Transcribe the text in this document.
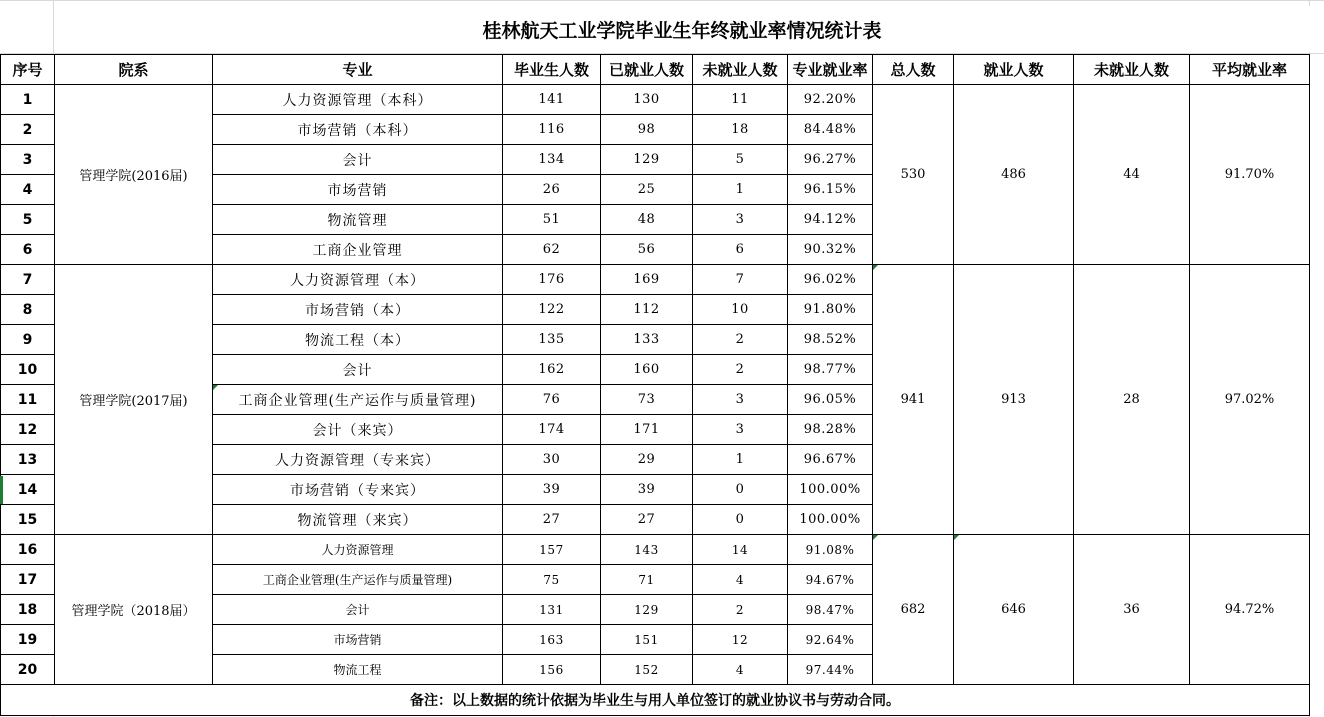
桂林航天工业学院毕业生年终就业率情况统计表
序号	院系	专业	毕业生人数	已就业人数	未就业人数	专业就业率	总人数	就业人数	未就业人数	平均就业率
1	管理学院(2016届)	人力资源管理（本科）	141	130	11	92.20%	530	486	44	91.70%
2		市场营销（本科）	116	98	18	84.48%				
3		会计	134	129	5	96.27%				
4		市场营销	26	25	1	96.15%				
5		物流管理	51	48	3	94.12%				
6		工商企业管理	62	56	6	90.32%				
7	管理学院(2017届)	人力资源管理（本）	176	169	7	96.02%	941	913	28	97.02%
8		市场营销（本）	122	112	10	91.80%				
9		物流工程（本）	135	133	2	98.52%				
10		会计	162	160	2	98.77%				
11		工商企业管理(生产运作与质量管理)	76	73	3	96.05%				
12		会计（来宾）	174	171	3	98.28%				
13		人力资源管理（专来宾）	30	29	1	96.67%				
14		市场营销（专来宾）	39	39	0	100.00%				
15		物流管理（来宾）	27	27	0	100.00%				
16	管理学院（2018届）	人力资源管理	157	143	14	91.08%	682	646	36	94.72%
17		工商企业管理(生产运作与质量管理)	75	71	4	94.67%				
18		会计	131	129	2	98.47%				
19		市场营销	163	151	12	92.64%				
20		物流工程	156	152	4	97.44%				
备注：以上数据的统计依据为毕业生与用人单位签订的就业协议书与劳动合同。										
